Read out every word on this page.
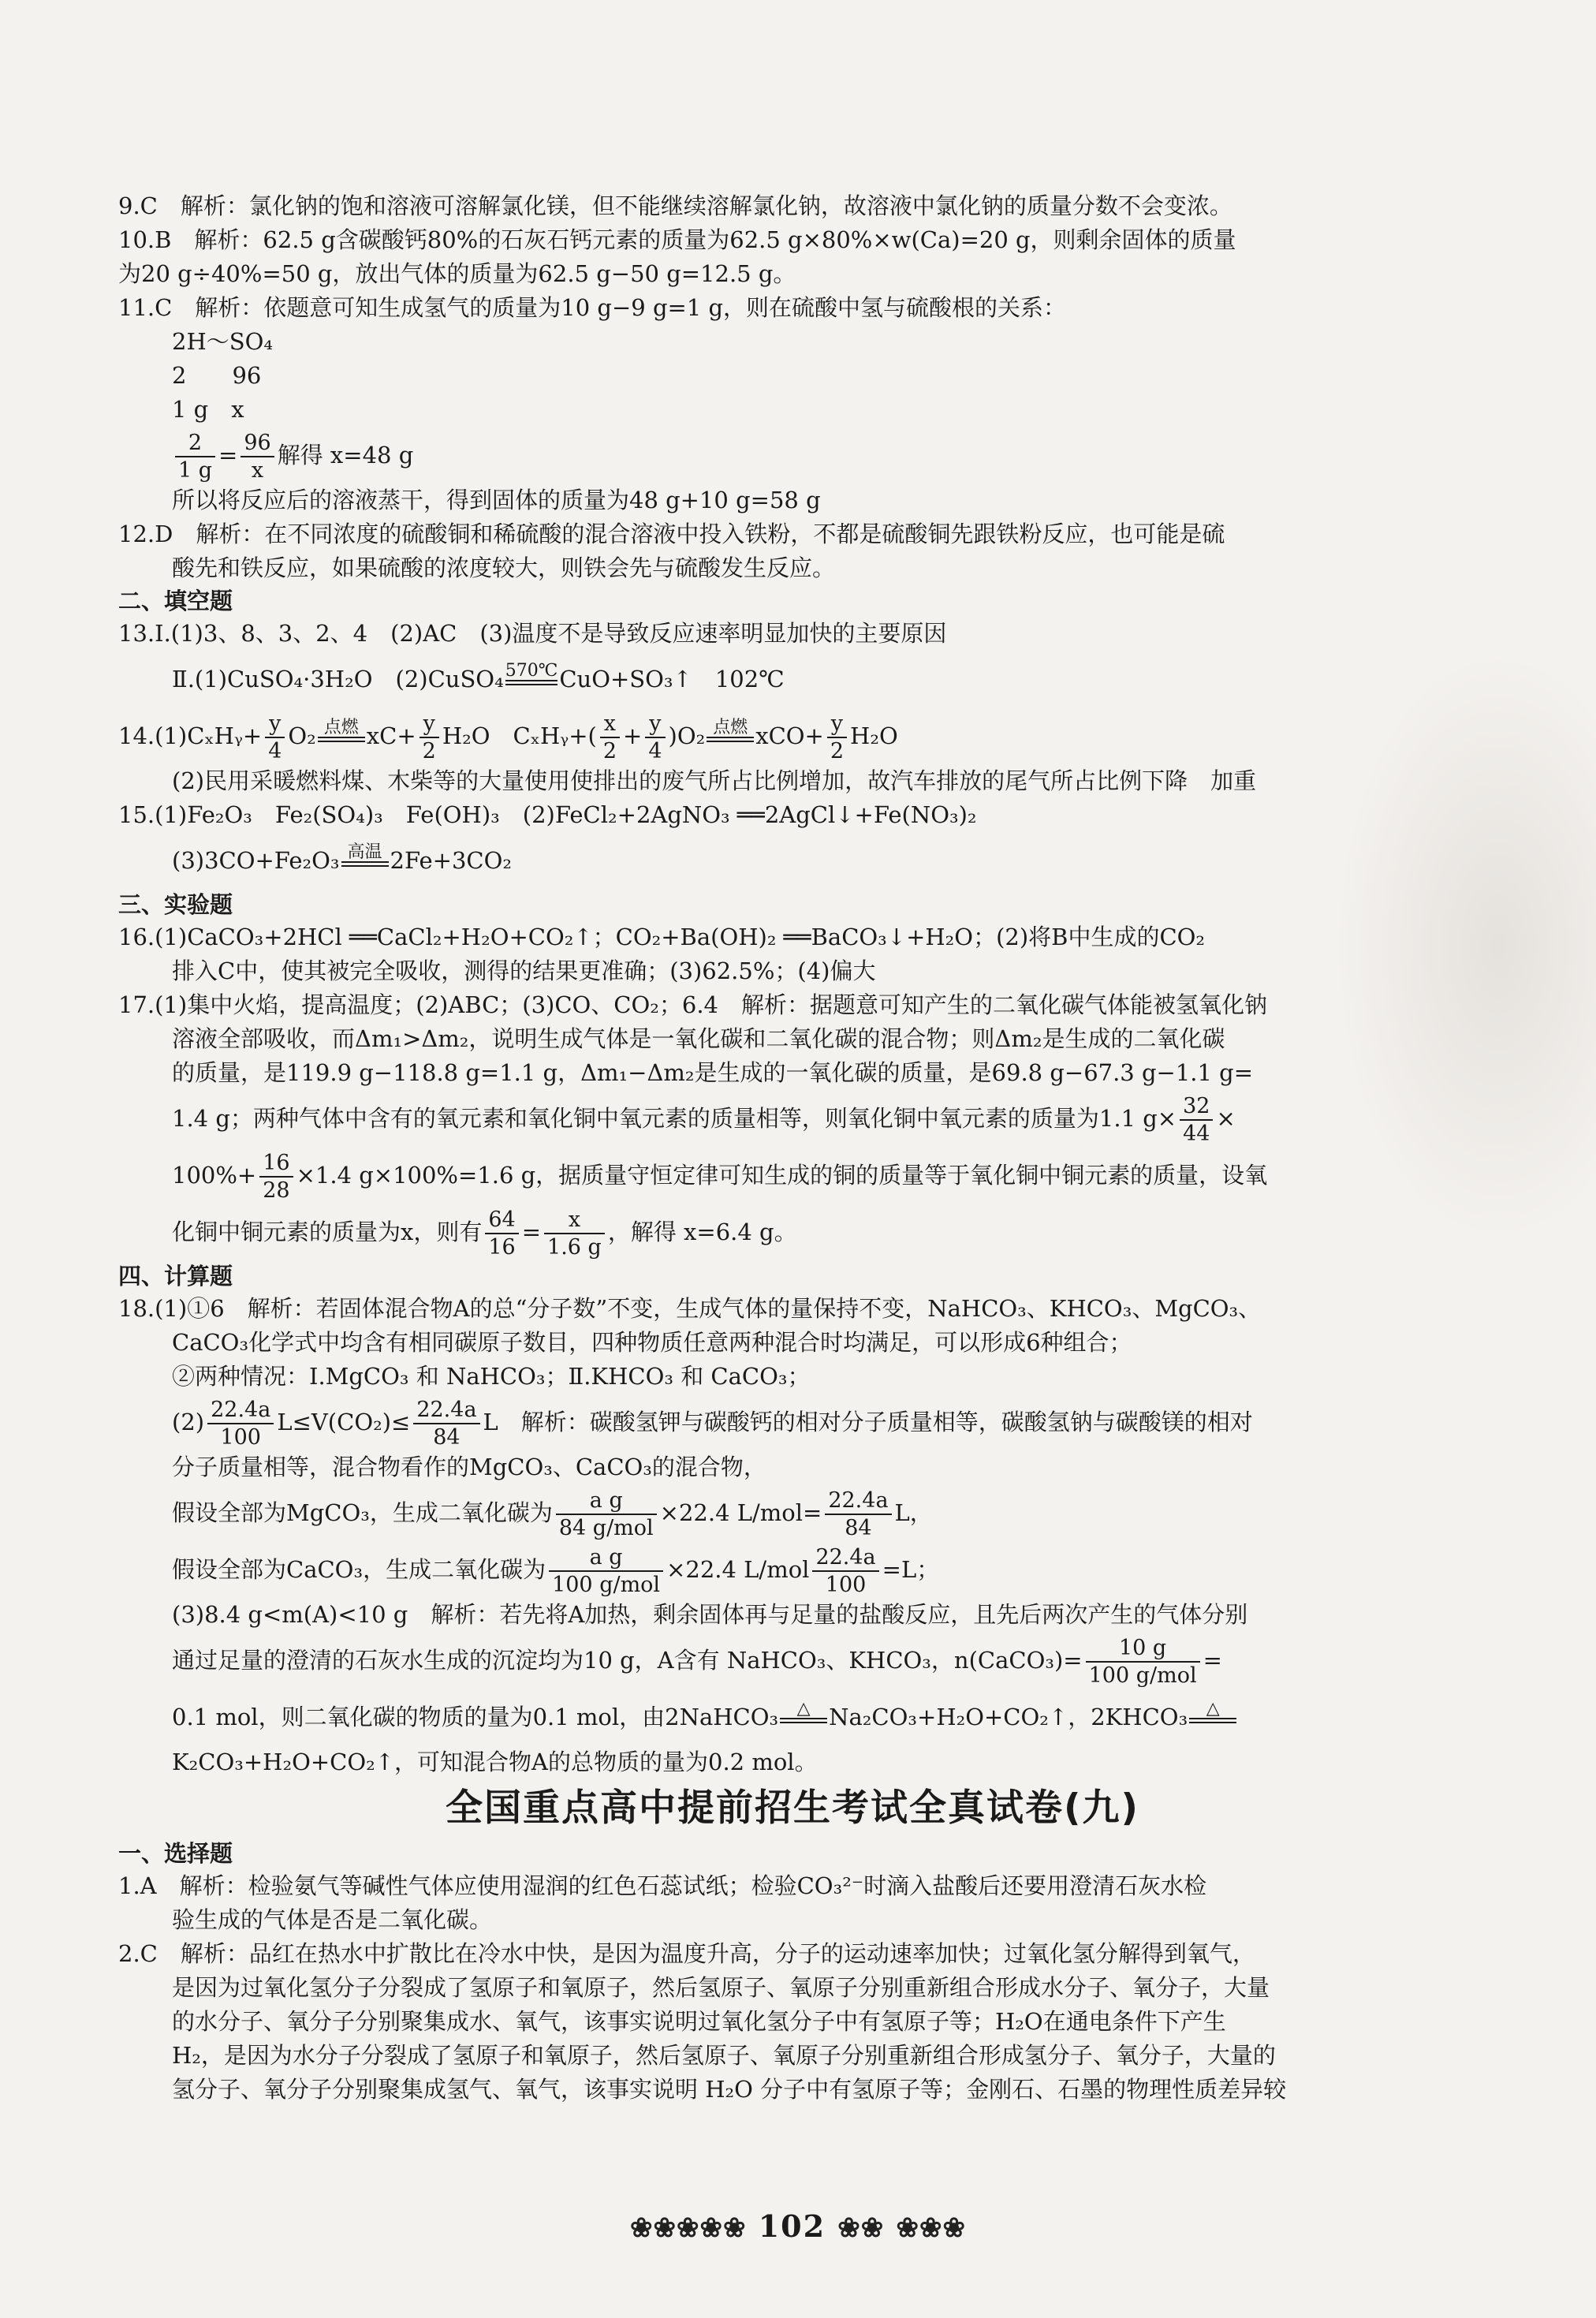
9.C　解析：氯化钠的饱和溶液可溶解氯化镁，但不能继续溶解氯化钠，故溶液中氯化钠的质量分数不会变浓。
10.B　解析：62.5 g含碳酸钙80%的石灰石钙元素的质量为62.5 g×80%×w(Ca)=20 g，则剩余固体的质量
为20 g÷40%=50 g，放出气体的质量为62.5 g−50 g=12.5 g。
11.C　解析：依题意可知生成氢气的质量为10 g−9 g=1 g，则在硫酸中氢与硫酸根的关系：
2H～SO₄
2　　96
1 g　x
$\frac{2}{1 g} = \frac{96}{x}$ 解得 x=48 g
所以将反应后的溶液蒸干，得到固体的质量为48 g+10 g=58 g
12.D　解析：在不同浓度的硫酸铜和稀硫酸的混合溶液中投入铁粉，不都是硫酸铜先跟铁粉反应，也可能是硫
酸先和铁反应，如果硫酸的浓度较大，则铁会先与硫酸发生反应。
二、填空题
13.Ⅰ.(1)3、8、3、2、4　(2)AC　(3)温度不是导致反应速率明显加快的主要原因
Ⅱ.(1)CuSO₄·3H₂O　(2)CuSO₄ 570℃ CuO+SO₃↑　102℃
14.(1)CₓHᵧ+ $\frac{y}{4} O_2$ 点燃 $xC+ \frac{y}{2} H_2O$　CₓHᵧ+( $\frac{x}{2} + \frac{y}{4} )O_2$ 点燃 $xCO+ \frac{y}{2} H_2O$
(2)民用采暖燃料煤、木柴等的大量使用使排出的废气所占比例增加，故汽车排放的尾气所占比例下降　加重
15.(1)Fe₂O₃　Fe₂(SO₄)₃　Fe(OH)₃　(2)FeCl₂+2AgNO₃ ══2AgCl↓+Fe(NO₃)₂
(3)3CO+Fe₂O₃ 高温 2Fe+3CO₂
三、实验题
16.(1)CaCO₃+2HCl ══CaCl₂+H₂O+CO₂↑；CO₂+Ba(OH)₂ ══BaCO₃↓+H₂O；(2)将B中生成的CO₂
排入C中，使其被完全吸收，测得的结果更准确；(3)62.5%；(4)偏大
17.(1)集中火焰，提高温度；(2)ABC；(3)CO、CO₂；6.4　解析：据题意可知产生的二氧化碳气体能被氢氧化钠
溶液全部吸收，而Δm₁>Δm₂，说明生成气体是一氧化碳和二氧化碳的混合物；则Δm₂是生成的二氧化碳
的质量，是119.9 g−118.8 g=1.1 g，Δm₁−Δm₂是生成的一氧化碳的质量，是69.8 g−67.3 g−1.1 g=
1.4 g；两种气体中含有的氧元素和氧化铜中氧元素的质量相等，则氧化铜中氧元素的质量为1.1 $g\times \frac{32}{44}$ ×
$100\%+ \frac{16}{28} \times 1.4$ g×100%=1.6 g，据质量守恒定律可知生成的铜的质量等于氧化铜中铜元素的质量，设氧
化铜中铜元素的质量为x，则有 $\frac{64}{16} = \frac{x}{1.6 g}$ ，解得 x=6.4 g。
四、计算题
18.(1)①6　解析：若固体混合物A的总“分子数”不变，生成气体的量保持不变，NaHCO₃、KHCO₃、MgCO₃、
CaCO₃化学式中均含有相同碳原子数目，四种物质任意两种混合时均满足，可以形成6种组合；
②两种情况：Ⅰ.MgCO₃ 和 NaHCO₃；Ⅱ.KHCO₃ 和 CaCO₃；
$(2) \frac{22.4a}{100} L\le V(CO_2)\le \frac{22.4a}{84}$ L　解析：碳酸氢钾与碳酸钙的相对分子质量相等，碳酸氢钠与碳酸镁的相对
分子质量相等，混合物看作的MgCO₃、CaCO₃的混合物，
假设全部为MgCO₃，生成二氧化碳为 $\frac{\text{a g}}{\text{84 g/mol}} \times 22.4$ $L/mol= \frac{22.4a}{84}$ L，
假设全部为CaCO₃，生成二氧化碳为 $\frac{\text{a g}}{\text{100 g/mol}} \times 22.4$ $L/mol \frac{22.4a}{100} =L$；
(3)8.4 g<m(A)<10 g　解析：若先将A加热，剩余固体再与足量的盐酸反应，且先后两次产生的气体分别
通过足量的澄清的石灰水生成的沉淀均为10 g，A含有 NaHCO₃、KHCO₃，n(CaCO₃)= $\frac{10 g}{\text{100 g/mol}}$ =
0.1 mol，则二氧化碳的物质的量为0.1 mol，由2NaHCO₃	△ Na₂CO₃+H₂O+CO₂↑，2KHCO₃	△
K₂CO₃+H₂O+CO₂↑，可知混合物A的总物质的量为0.2 mol。
全国重点高中提前招生考试全真试卷(九)
一、选择题
1.A　解析：检验氨气等碱性气体应使用湿润的红色石蕊试纸；检验CO₃²⁻时滴入盐酸后还要用澄清石灰水检
验生成的气体是否是二氧化碳。
2.C　解析：品红在热水中扩散比在冷水中快，是因为温度升高，分子的运动速率加快；过氧化氢分解得到氧气，
是因为过氧化氢分子分裂成了氢原子和氧原子，然后氢原子、氧原子分别重新组合形成水分子、氧分子，大量
的水分子、氧分子分别聚集成水、氧气，该事实说明过氧化氢分子中有氢原子等；H₂O在通电条件下产生
H₂，是因为水分子分裂成了氢原子和氧原子，然后氢原子、氧原子分别重新组合形成氢分子、氧分子，大量的
氢分子、氧分子分别聚集成氢气、氧气，该事实说明 H₂O 分子中有氢原子等；金刚石、石墨的物理性质差异较
❀❀❀❀❀ 102 ❀❀ ❀❀❀
